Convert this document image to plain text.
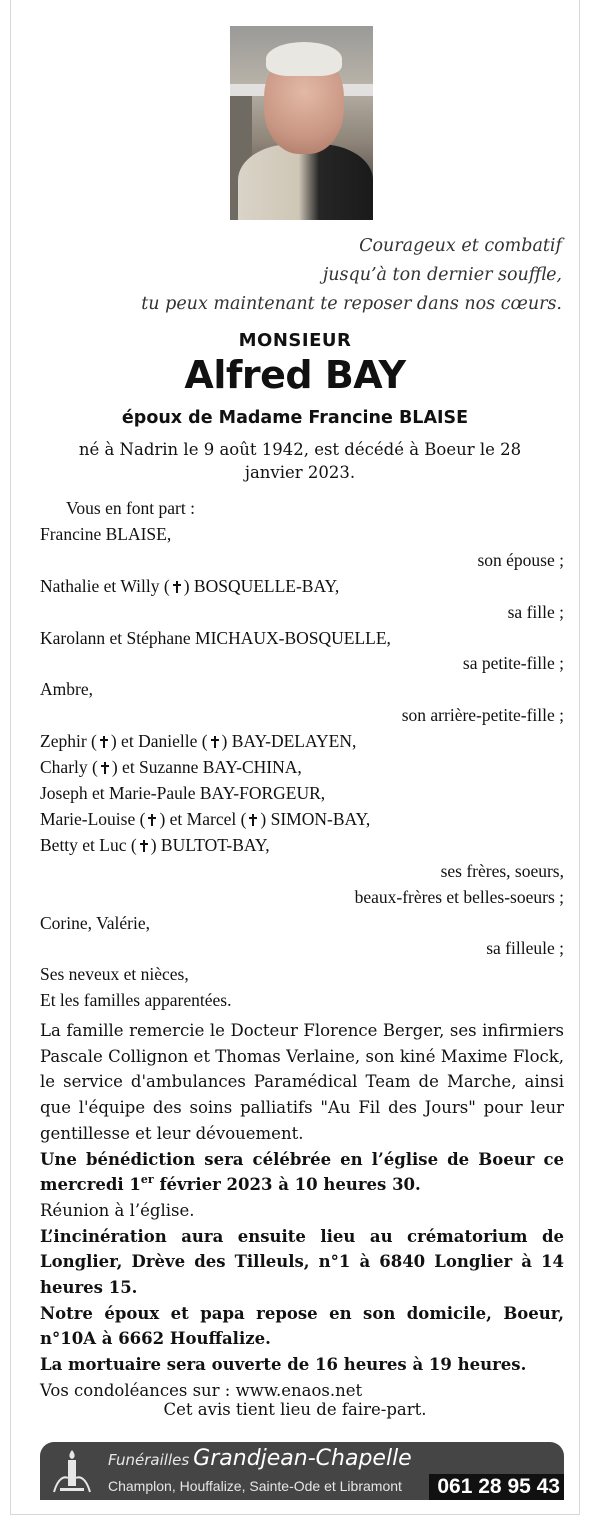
Courageux et combatif
jusqu’à ton dernier souffle,
tu peux maintenant te reposer dans nos cœurs.
MONSIEUR
Alfred BAY
époux de Madame Francine BLAISE
né à Nadrin le 9 août 1942, est décédé à Boeur le 28 janvier 2023.
Vous en font part :
Francine BLAISE,
son épouse ;
Nathalie et Willy ( ) BOSQUELLE-BAY,
sa fille ;
Karolann et Stéphane MICHAUX-BOSQUELLE,
sa petite-fille ;
Ambre,
son arrière-petite-fille ;
Zephir ( ) et Danielle ( ) BAY-DELAYEN,
Charly ( ) et Suzanne BAY-CHINA,
Joseph et Marie-Paule BAY-FORGEUR,
Marie-Louise ( ) et Marcel ( ) SIMON-BAY,
Betty et Luc ( ) BULTOT-BAY,
ses frères, soeurs,
beaux-frères et belles-soeurs ;
Corine, Valérie,
sa filleule ;
Ses neveux et nièces,
Et les familles apparentées.
La famille remercie le Docteur Florence Berger, ses infirmiers Pascale Collignon et Thomas Verlaine, son kiné Maxime Flock, le service d'ambulances Paramédical Team de Marche, ainsi que l'équipe des soins palliatifs "Au Fil des Jours" pour leur gentillesse et leur dévouement.
Une bénédiction sera célébrée en l’église de Boeur ce mercredi 1er février 2023 à 10 heures 30.
Réunion à l’église.
L’incinération aura ensuite lieu au crématorium de Longlier, Drève des Tilleuls, n°1 à 6840 Longlier à 14 heures 15.
Notre époux et papa repose en son domicile, Boeur, n°10A à 6662 Houffalize.
La mortuaire sera ouverte de 16 heures à 19 heures.
Vos condoléances sur : www.enaos.net
Cet avis tient lieu de faire-part.
Funérailles Grandjean-Chapelle
Champlon, Houffalize, Sainte-Ode et Libramont	061 28 95 43
